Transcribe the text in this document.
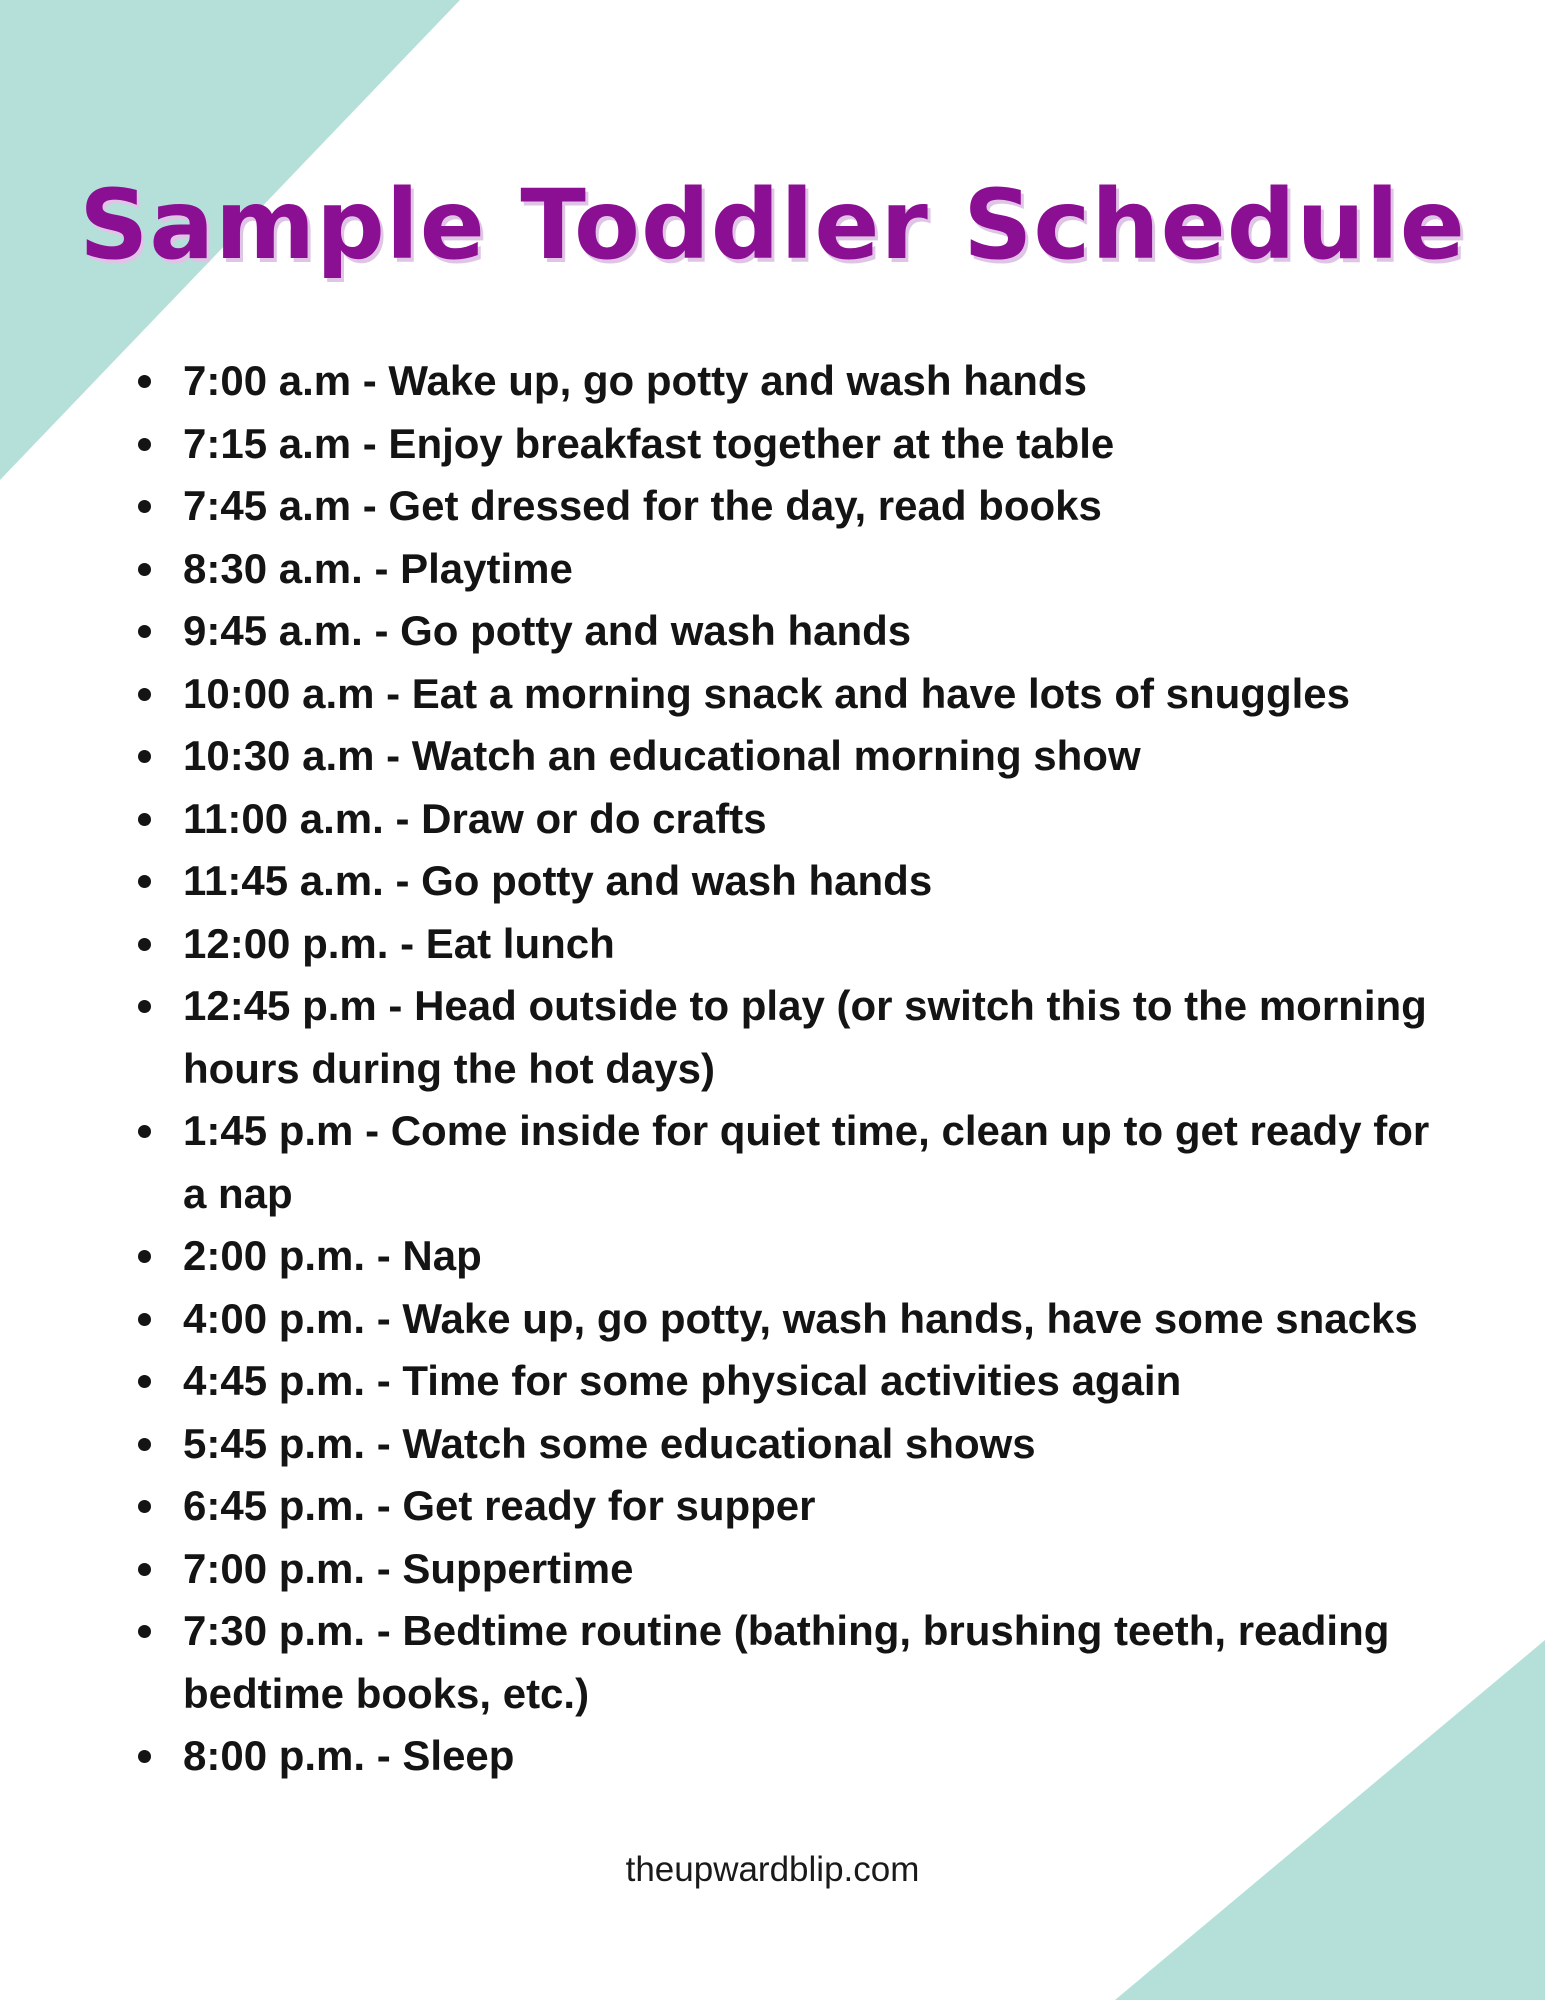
Sample Toddler Schedule
7:00 a.m - Wake up, go potty and wash hands
7:15 a.m - Enjoy breakfast together at the table
7:45 a.m - Get dressed for the day, read books
8:30 a.m. - Playtime
9:45 a.m. - Go potty and wash hands
10:00 a.m - Eat a morning snack and have lots of snuggles
10:30 a.m - Watch an educational morning show
11:00 a.m. - Draw or do crafts
11:45 a.m. - Go potty and wash hands
12:00 p.m. - Eat lunch
12:45 p.m - Head outside to play (or switch this to the morning hours during the hot days)
1:45 p.m - Come inside for quiet time, clean up to get ready for a nap
2:00 p.m. - Nap
4:00 p.m. - Wake up, go potty, wash hands, have some snacks
4:45 p.m. - Time for some physical activities again
5:45 p.m. - Watch some educational shows
6:45 p.m. - Get ready for supper
7:00 p.m. - Suppertime
7:30 p.m. - Bedtime routine (bathing, brushing teeth, reading bedtime books, etc.)
8:00 p.m. - Sleep
theupwardblip.com
